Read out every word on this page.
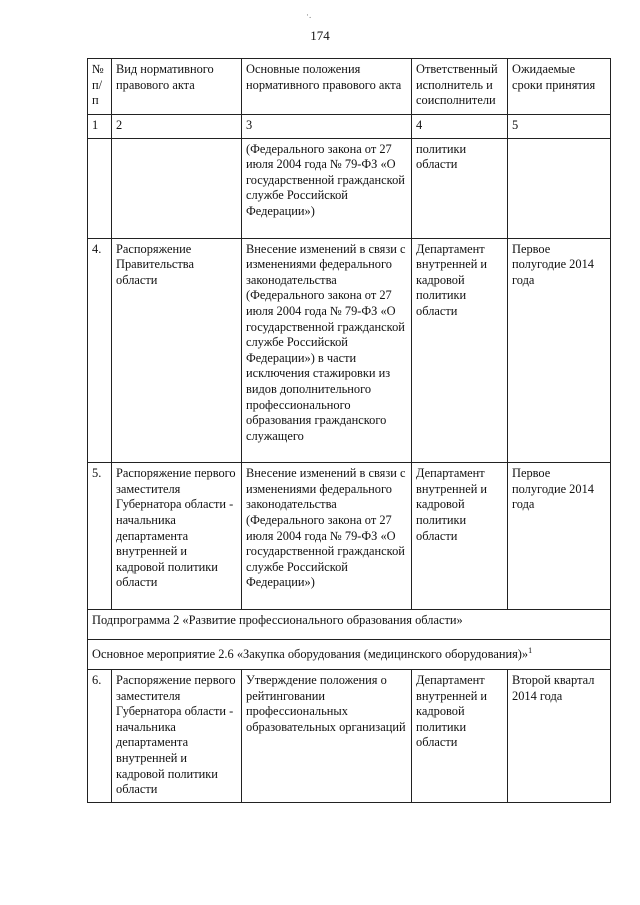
·.
174
№ п/п	Вид нормативного правового акта	Основные положения нормативного правового акта	Ответственный исполнитель и соисполнители	Ожидаемые сроки принятия
1	2	3	4	5
		(Федерального закона от 27 июля 2004 года № 79-ФЗ «О государственной гражданской службе Российской Федерации»)	политики области	
4.	Распоряжение Правительства области	Внесение изменений в связи с изменениями федерального законодательства (Федерального закона от 27 июля 2004 года № 79-ФЗ «О государственной гражданской службе Российской Федерации») в части исключения стажировки из видов дополнительного профессионального образования гражданского служащего	Департамент внутренней и кадровой политики области	Первое полугодие 2014 года
5.	Распоряжение первого заместителя Губернатора области - начальника департамента внутренней и кадровой политики области	Внесение изменений в связи с изменениями федерального законодательства (Федерального закона от 27 июля 2004 года № 79-ФЗ «О государственной гражданской службе Российской Федерации»)	Департамент внутренней и кадровой политики области	Первое полугодие 2014 года
Подпрограмма 2 «Развитие профессионального образования области»				
Основное мероприятие 2.6 «Закупка оборудования (медицинского оборудования)»$^1$
6.	Распоряжение первого заместителя Губернатора области - начальника департамента внутренней и кадровой политики области	Утверждение положения о рейтинговании профессиональных образовательных организаций	Департамент внутренней и кадровой политики области	Второй квартал 2014 года
